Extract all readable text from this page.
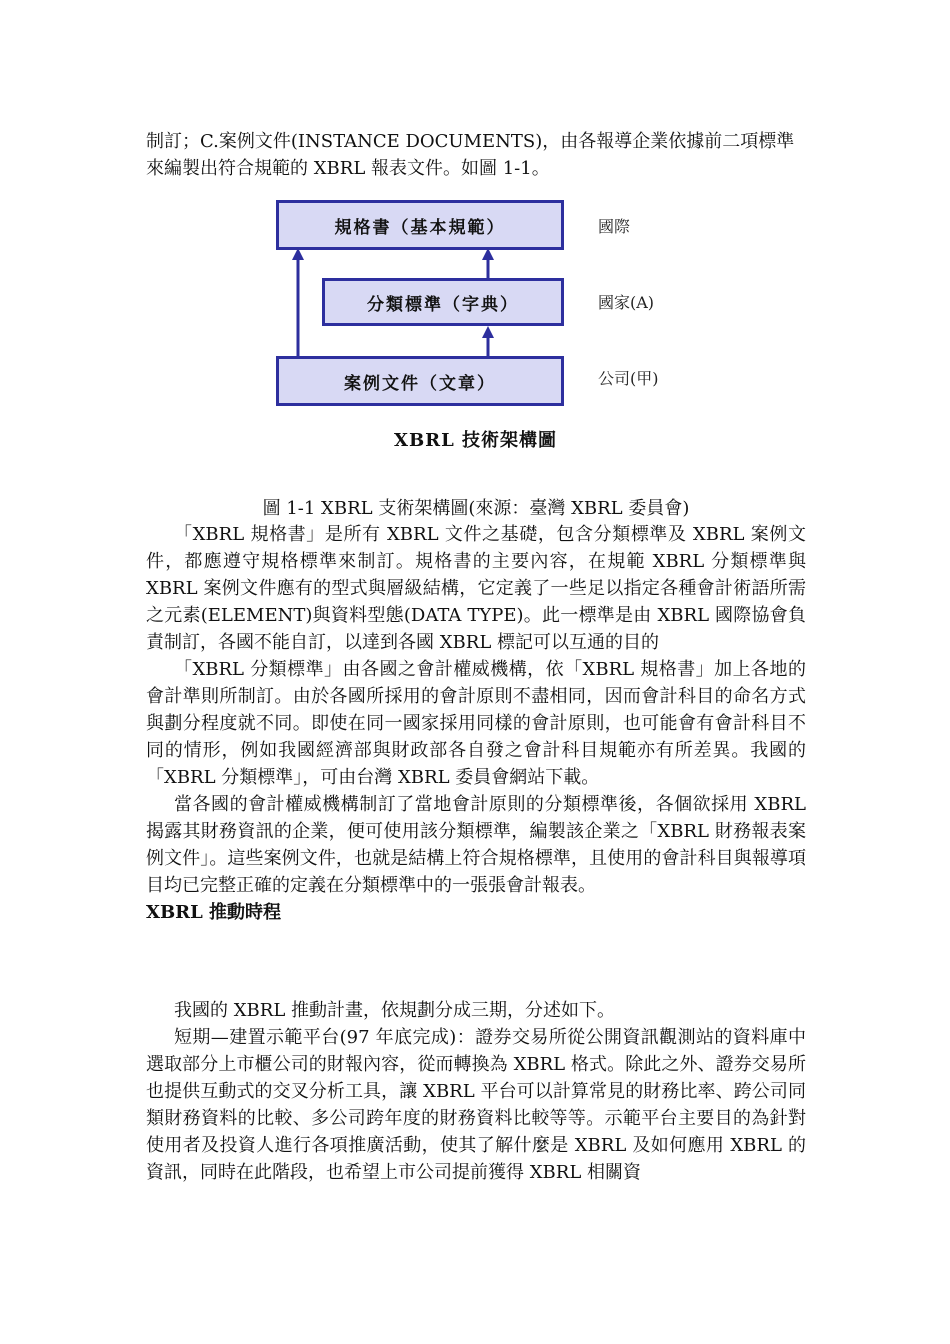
制訂；C.案例文件(INSTANCE DOCUMENTS)，由各報導企業依據前二項標準
來編製出符合規範的 XBRL 報表文件。如圖 1-1。
規格書（基本規範）
分類標準（字典）
案例文件（文章）
國際
國家(A)
公司(甲)
XBRL 技術架構圖
圖 1-1 XBRL 支術架構圖(來源：臺灣 XBRL 委員會)

「XBRL 規格書」是所有 XBRL 文件之基礎，包含分類標準及 XBRL 案例文件，都應遵守規格標準來制訂。規格書的主要內容，在規範 XBRL 分類標準與 XBRL 案例文件應有的型式與層級結構，它定義了一些足以指定各種會計術語所需之元素(ELEMENT)與資料型態(DATA TYPE)。此一標準是由 XBRL 國際協會負責制訂，各國不能自訂，以達到各國 XBRL 標記可以互通的目的

「XBRL 分類標準」由各國之會計權威機構，依「XBRL 規格書」加上各地的會計準則所制訂。由於各國所採用的會計原則不盡相同，因而會計科目的命名方式與劃分程度就不同。即使在同一國家採用同樣的會計原則，也可能會有會計科目不同的情形，例如我國經濟部與財政部各自發之會計科目規範亦有所差異。我國的「XBRL 分類標準」，可由台灣 XBRL 委員會網站下載。

當各國的會計權威機構制訂了當地會計原則的分類標準後，各個欲採用 XBRL 揭露其財務資訊的企業，便可使用該分類標準，編製該企業之「XBRL 財務報表案例文件」。這些案例文件，也就是結構上符合規格標準，且使用的會計科目與報導項目均已完整正確的定義在分類標準中的一張張會計報表。

XBRL 推動時程

我國的 XBRL 推動計畫，依規劃分成三期，分述如下。

短期—建置示範平台(97 年底完成)：證券交易所從公開資訊觀測站的資料庫中選取部分上市櫃公司的財報內容，從而轉換為 XBRL 格式。除此之外、證券交易所也提供互動式的交叉分析工具，讓 XBRL 平台可以計算常見的財務比率、跨公司同類財務資料的比較、多公司跨年度的財務資料比較等等。示範平台主要目的為針對使用者及投資人進行各項推廣活動，使其了解什麼是 XBRL 及如何應用 XBRL 的資訊，同時在此階段，也希望上市公司提前獲得 XBRL 相關資
